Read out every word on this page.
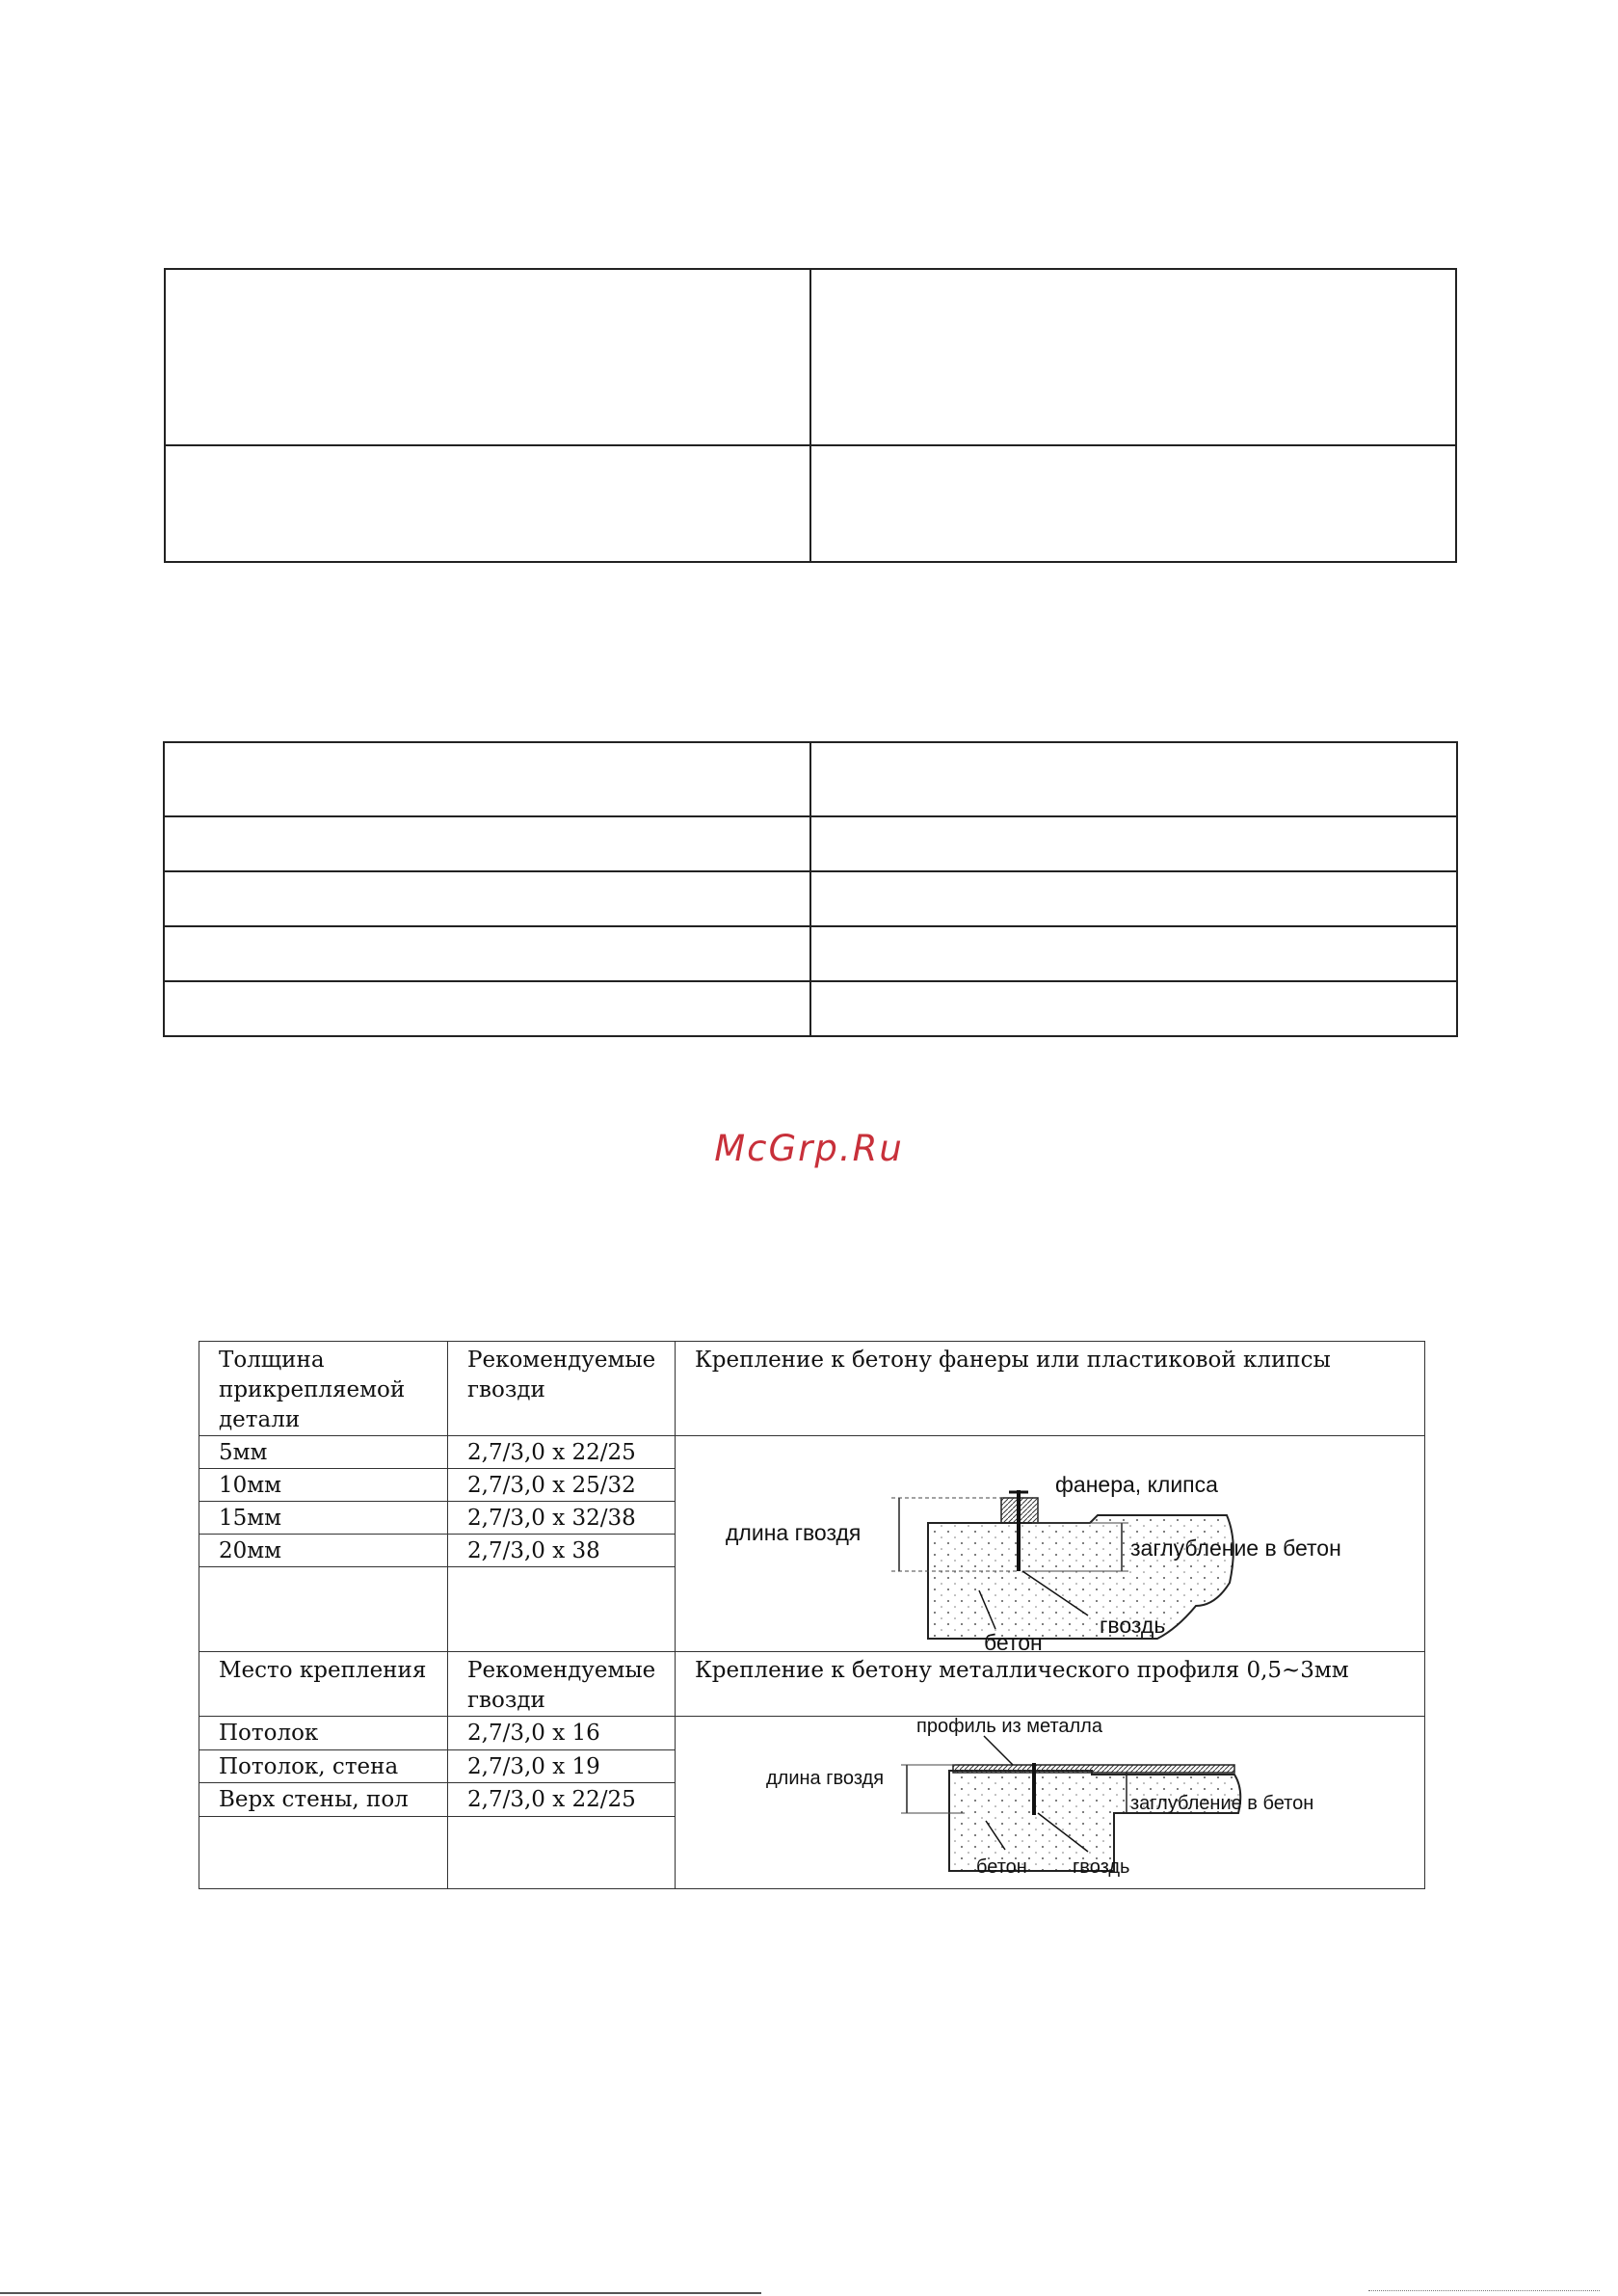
McGrp.Ru
Толщина прикрепляемой детали	Рекомендуемые гвозди	Крепление к бетону фанеры или пластиковой клипсы
5мм	2,7/3,0 x 22/25	фанера, клипса
длина гвоздя
заглубление в бетон
гвоздь
бетон

10мм	2,7/3,0 x 25/32	
15мм	2,7/3,0 x 32/38	
20мм	2,7/3,0 x 38	

Место крепления	Рекомендуемые гвозди	Крепление к бетону металлического профиля 0,5~3мм
Потолок	2,7/3,0 x 16	профиль из металла
длина гвоздя
заглубление в бетон
бетон гвоздь

Потолок, стена	2,7/3,0 x 19	
Верх стены, пол	2,7/3,0 x 22/25	
